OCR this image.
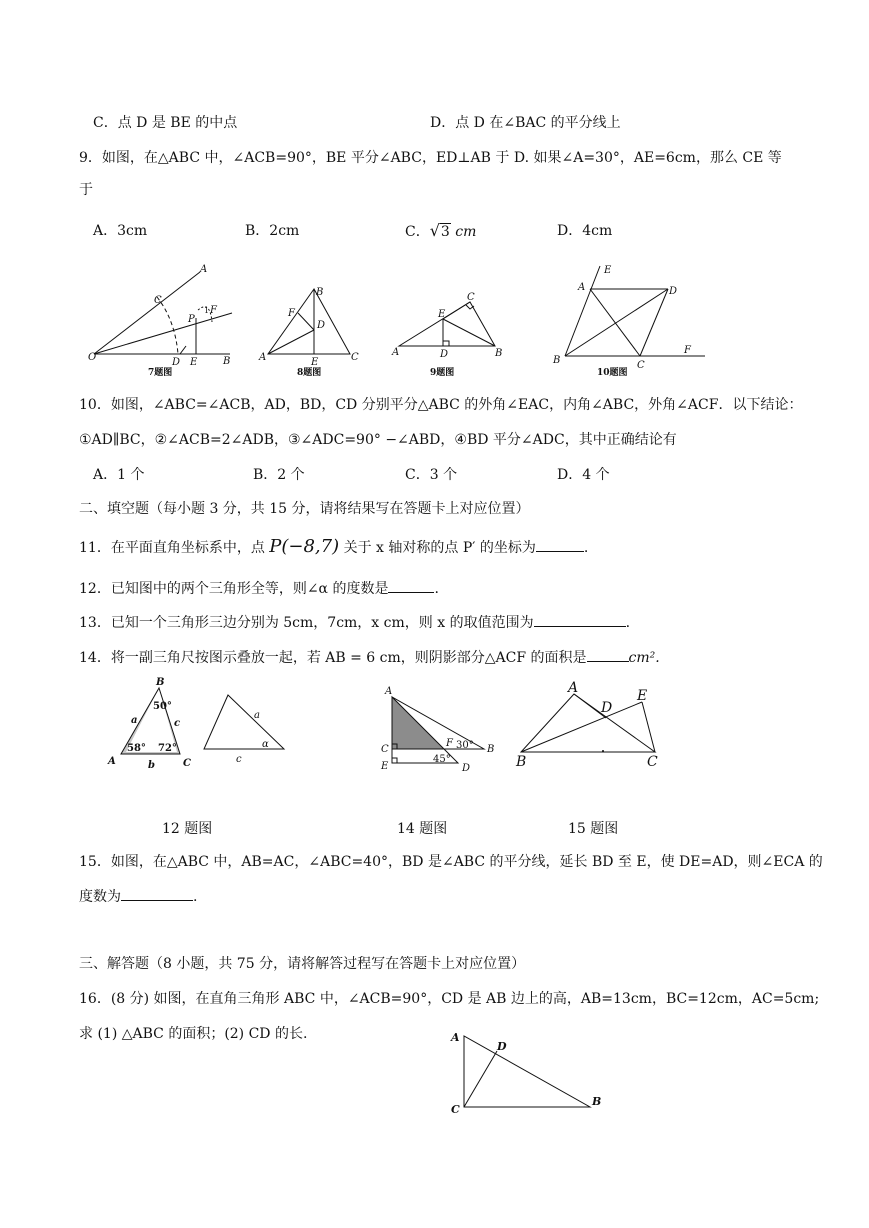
C．点 D 是 BE 的中点	D．点 D 在∠BAC 的平分线上
9．如图，在△ABC 中，∠ACB=90°，BE 平分∠ABC，ED⊥AB 于 D. 如果∠A=30°，AE=6cm，那么 CE 等
于
A．3cm	B．2cm	C．√3 cm	D．4cm
A
C
P
F
1
O	D E	B
7题图
B
F
D
A	E	C
8题图
C
E
A	D	B
9题图
E
A	D
B	C
F
10题图
10．如图，∠ABC=∠ACB，AD，BD，CD 分别平分△ABC 的外角∠EAC，内角∠ABC，外角∠ACF．以下结论：
①AD∥BC，②∠ACB=2∠ADB，③∠ADC=90° −∠ABD，④BD 平分∠ADC，其中正确结论有
A．1 个	B．2 个	C．3 个	D．4 个
二、填空题（每小题 3 分，共 15 分，请将结果写在答题卡上对应位置）
11．在平面直角坐标系中，点 P(−8,7) 关于 x 轴对称的点 P′ 的坐标为	.
12．已知图中的两个三角形全等，则∠α 的度数是	.
13．已知一个三角形三边分别为 5cm，7cm，x cm，则 x 的取值范围为	.
14．将一副三角尺按图示叠放一起，若 AB = 6 cm，则阴影部分△ACF 的面积是	cm².
B
50°
a	c
58° 72°
A	b	C
a
α
c
A
C
E
F 30° B
45°
D
A	E
D
B	C
12 题图	14 题图	15 题图
15．如图，在△ABC 中，AB=AC，∠ABC=40°，BD 是∠ABC 的平分线，延长 BD 至 E，使 DE=AD，则∠ECA 的
度数为	.
三、解答题（8 小题，共 75 分，请将解答过程写在答题卡上对应位置）
16．(8 分) 如图，在直角三角形 ABC 中，∠ACB=90°，CD 是 AB 边上的高，AB=13cm，BC=12cm，AC=5cm;
求 (1) △ABC 的面积；(2) CD 的长.	A
D
C
B
